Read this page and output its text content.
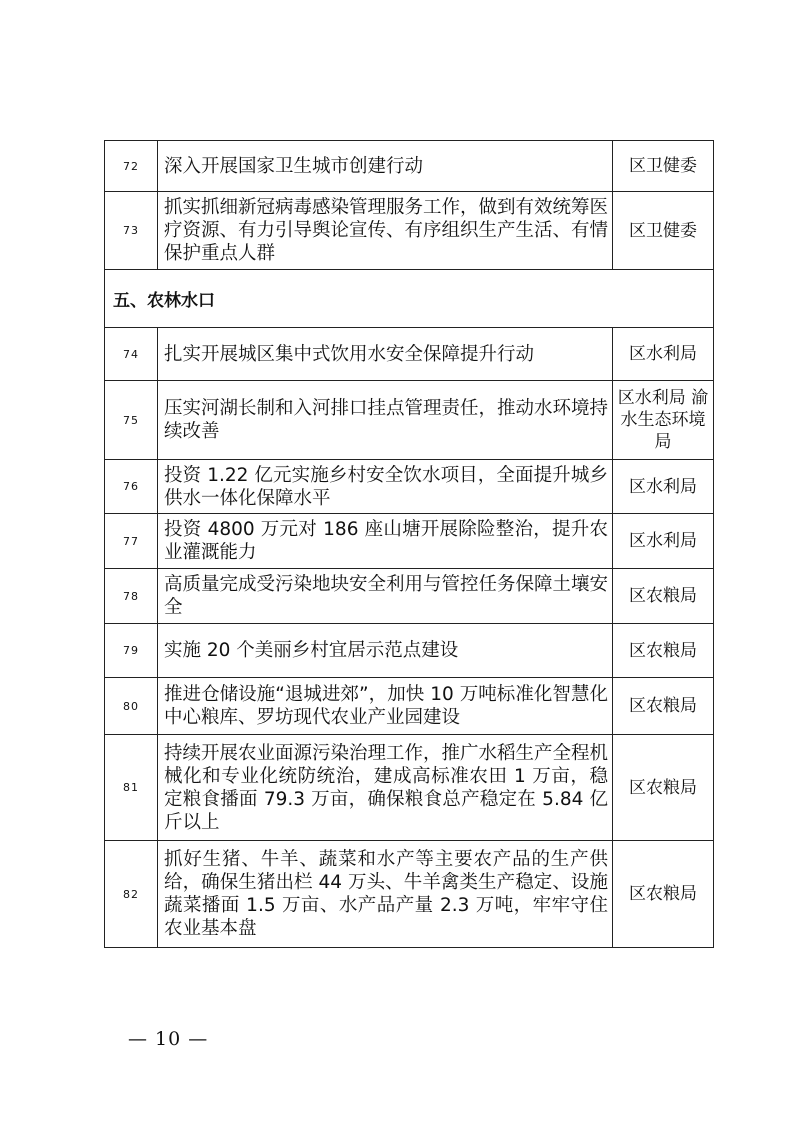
72	深入开展国家卫生城市创建行动	区卫健委
73	抓实抓细新冠病毒感染管理服务工作，做到有效统筹医疗资源、有力引导舆论宣传、有序组织生产生活、有情保护重点人群	区卫健委
五、农林水口		
74	扎实开展城区集中式饮用水安全保障提升行动	区水利局
75	压实河湖长制和入河排口挂点管理责任，推动水环境持续改善	区水利局 渝水生态环境局
76	投资 1.22 亿元实施乡村安全饮水项目，全面提升城乡供水一体化保障水平	区水利局
77	投资 4800 万元对 186 座山塘开展除险整治，提升农业灌溉能力	区水利局
78	高质量完成受污染地块安全利用与管控任务保障土壤安全	区农粮局
79	实施 20 个美丽乡村宜居示范点建设	区农粮局
80	推进仓储设施“退城进郊”，加快 10 万吨标准化智慧化中心粮库、罗坊现代农业产业园建设	区农粮局
81	持续开展农业面源污染治理工作，推广水稻生产全程机械化和专业化统防统治，建成高标准农田 1 万亩，稳定粮食播面 79.3 万亩，确保粮食总产稳定在 5.84 亿斤以上	区农粮局
82	抓好生猪、牛羊、蔬菜和水产等主要农产品的生产供给，确保生猪出栏 44 万头、牛羊禽类生产稳定、设施蔬菜播面 1.5 万亩、水产品产量 2.3 万吨，牢牢守住农业基本盘	区农粮局
— 10 —
